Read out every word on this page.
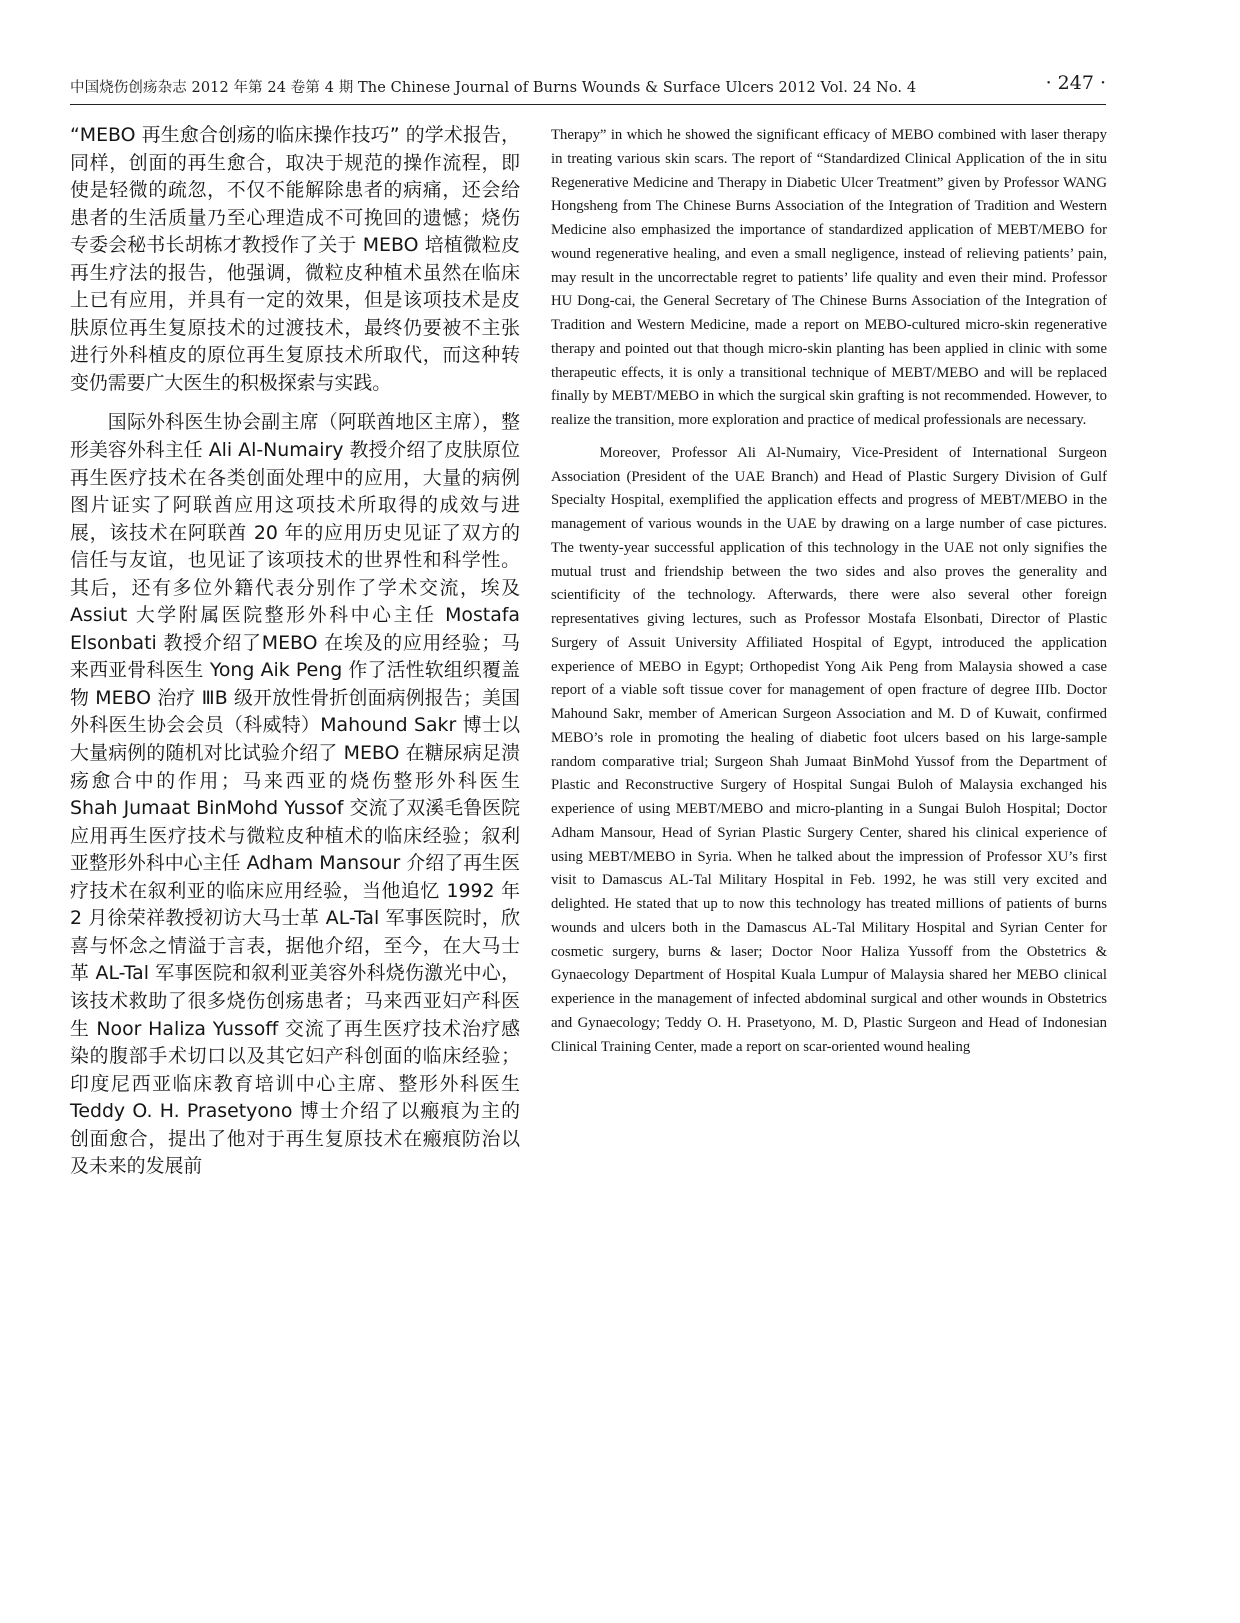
中国烧伤创疡杂志 2012 年第 24 卷第 4 期 The Chinese Journal of Burns Wounds & Surface Ulcers 2012 Vol. 24 No. 4	· 247 ·

“MEBO 再生愈合创疡的临床操作技巧” 的学术报告，同样，创面的再生愈合，取决于规范的操作流程，即使是轻微的疏忽，不仅不能解除患者的病痛，还会给患者的生活质量乃至心理造成不可挽回的遗憾；烧伤专委会秘书长胡栋才教授作了关于 MEBO 培植微粒皮再生疗法的报告，他强调，微粒皮种植术虽然在临床上已有应用，并具有一定的效果，但是该项技术是皮肤原位再生复原技术的过渡技术，最终仍要被不主张进行外科植皮的原位再生复原技术所取代，而这种转变仍需要广大医生的积极探索与实践。

国际外科医生协会副主席（阿联酋地区主席），整形美容外科主任 Ali Al-Numairy 教授介绍了皮肤原位再生医疗技术在各类创面处理中的应用，大量的病例图片证实了阿联酋应用这项技术所取得的成效与进展，该技术在阿联酋 20 年的应用历史见证了双方的信任与友谊，也见证了该项技术的世界性和科学性。其后，还有多位外籍代表分别作了学术交流，埃及 Assiut 大学附属医院整形外科中心主任 Mostafa Elsonbati 教授介绍了MEBO 在埃及的应用经验；马来西亚骨科医生 Yong Aik Peng 作了活性软组织覆盖物 MEBO 治疗 ⅢB 级开放性骨折创面病例报告；美国外科医生协会会员（科威特）Mahound Sakr 博士以大量病例的随机对比试验介绍了 MEBO 在糖尿病足溃疡愈合中的作用；马来西亚的烧伤整形外科医生 Shah Jumaat BinMohd Yussof 交流了双溪毛鲁医院应用再生医疗技术与微粒皮种植术的临床经验；叙利亚整形外科中心主任 Adham Mansour 介绍了再生医疗技术在叙利亚的临床应用经验，当他追忆 1992 年 2 月徐荣祥教授初访大马士革 AL-Tal 军事医院时，欣喜与怀念之情溢于言表，据他介绍，至今，在大马士革 AL-Tal 军事医院和叙利亚美容外科烧伤激光中心，该技术救助了很多烧伤创疡患者；马来西亚妇产科医生 Noor Haliza Yussoff 交流了再生医疗技术治疗感染的腹部手术切口以及其它妇产科创面的临床经验；印度尼西亚临床教育培训中心主席、整形外科医生 Teddy O. H. Prasetyono 博士介绍了以瘢痕为主的创面愈合，提出了他对于再生复原技术在瘢痕防治以及未来的发展前

Therapy” in which he showed the significant efficacy of MEBO combined with laser therapy in treating various skin scars. The report of “Standardized Clinical Application of the in situ Regenerative Medicine and Therapy in Diabetic Ulcer Treatment” given by Professor WANG Hongsheng from The Chinese Burns Association of the Integration of Tradition and Western Medicine also emphasized the importance of standardized application of MEBT/MEBO for wound regenerative healing, and even a small negligence, instead of relieving patients’ pain, may result in the uncorrectable regret to patients’ life quality and even their mind. Professor HU Dong-cai, the General Secretary of The Chinese Burns Association of the Integration of Tradition and Western Medicine, made a report on MEBO-cultured micro-skin regenerative therapy and pointed out that though micro-skin planting has been applied in clinic with some therapeutic effects, it is only a transitional technique of MEBT/MEBO and will be replaced finally by MEBT/MEBO in which the surgical skin grafting is not recommended. However, to realize the transition, more exploration and practice of medical professionals are necessary.

Moreover, Professor Ali Al-Numairy, Vice-President of International Surgeon Association (President of the UAE Branch) and Head of Plastic Surgery Division of Gulf Specialty Hospital, exemplified the application effects and progress of MEBT/MEBO in the management of various wounds in the UAE by drawing on a large number of case pictures. The twenty-year successful application of this technology in the UAE not only signifies the mutual trust and friendship between the two sides and also proves the generality and scientificity of the technology. Afterwards, there were also several other foreign representatives giving lectures, such as Professor Mostafa Elsonbati, Director of Plastic Surgery of Assuit University Affiliated Hospital of Egypt, introduced the application experience of MEBO in Egypt; Orthopedist Yong Aik Peng from Malaysia showed a case report of a viable soft tissue cover for management of open fracture of degree IIIb. Doctor Mahound Sakr, member of American Surgeon Association and M. D of Kuwait, confirmed MEBO’s role in promoting the healing of diabetic foot ulcers based on his large-sample random comparative trial; Surgeon Shah Jumaat BinMohd Yussof from the Department of Plastic and Reconstructive Surgery of Hospital Sungai Buloh of Malaysia exchanged his experience of using MEBT/MEBO and micro-planting in a Sungai Buloh Hospital; Doctor Adham Mansour, Head of Syrian Plastic Surgery Center, shared his clinical experience of using MEBT/MEBO in Syria. When he talked about the impression of Professor XU’s first visit to Damascus AL-Tal Military Hospital in Feb. 1992, he was still very excited and delighted. He stated that up to now this technology has treated millions of patients of burns wounds and ulcers both in the Damascus AL-Tal Military Hospital and Syrian Center for cosmetic surgery, burns & laser; Doctor Noor Haliza Yussoff from the Obstetrics & Gynaecology Department of Hospital Kuala Lumpur of Malaysia shared her MEBO clinical experience in the management of infected abdominal surgical and other wounds in Obstetrics and Gynaecology; Teddy O. H. Prasetyono, M. D, Plastic Surgeon and Head of Indonesian Clinical Training Center, made a report on scar-oriented wound healing
